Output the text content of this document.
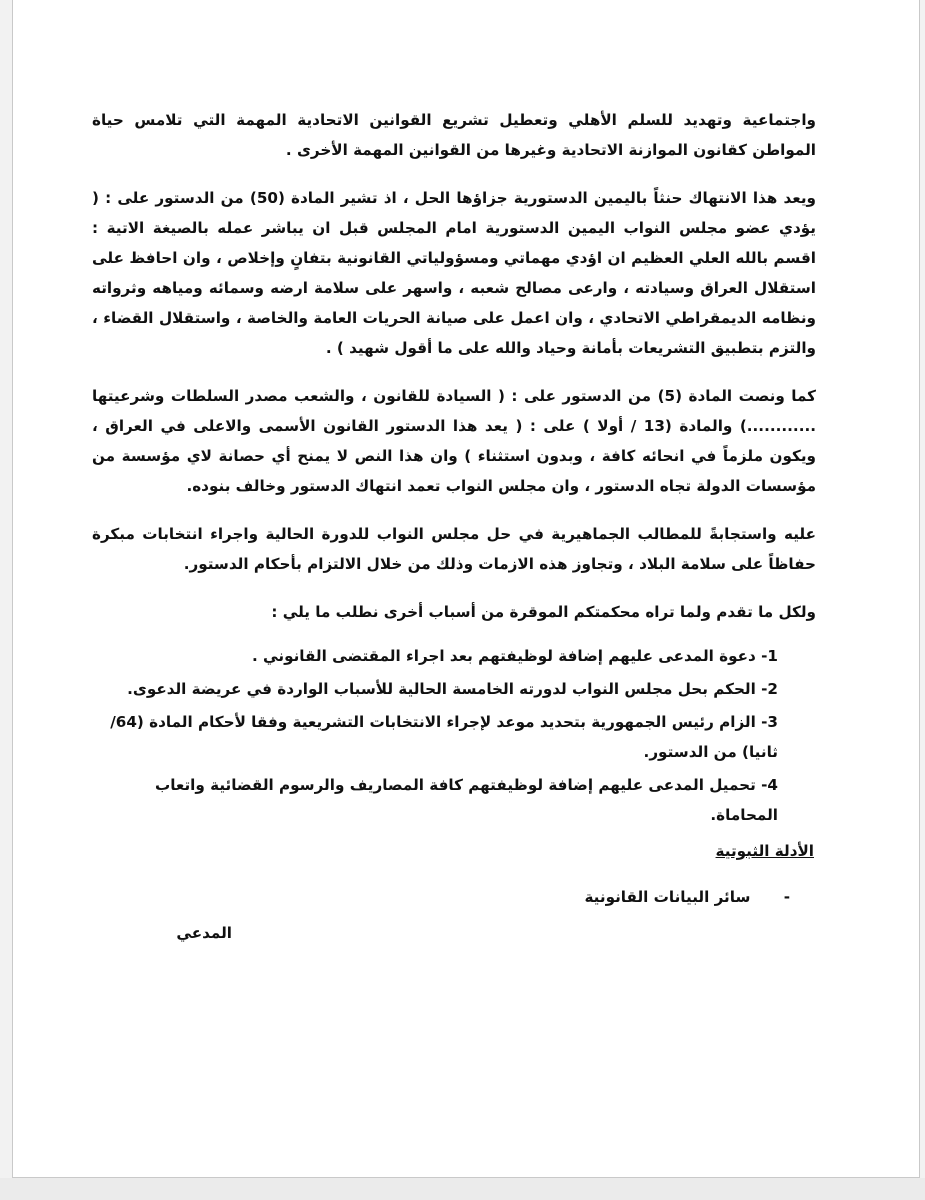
واجتماعية وتهديد للسلم الأهلي وتعطيل تشريع القوانين الاتحادية المهمة التي تلامس حياة المواطن كقانون الموازنة الاتحادية وغيرها من القوانين المهمة الأخرى .

ويعد هذا الانتهاك حنثاً باليمين الدستورية جزاؤها الحل ، اذ تشير المادة (50) من الدستور على : ( يؤدي عضو مجلس النواب اليمين الدستورية امام المجلس قبل ان يباشر عمله بالصيغة الاتية : اقسم بالله العلي العظيم ان اؤدي مهماتي ومسؤولياتي القانونية بتفانٍ وإخلاص ، وان احافظ على استقلال العراق وسيادته ، وارعى مصالح شعبه ، واسهر على سلامة ارضه وسمائه ومياهه وثرواته ونظامه الديمقراطي الاتحادي ، وان اعمل على صيانة الحريات العامة والخاصة ، واستقلال القضاء ، والتزم بتطبيق التشريعات بأمانة وحياد والله على ما أقول شهيد ) .

كما ونصت المادة (5) من الدستور على : ( السيادة للقانون ، والشعب مصدر السلطات وشرعيتها ............) والمادة (13 / أولا ) على : ( يعد هذا الدستور القانون الأسمى والاعلى في العراق ، ويكون ملزماً في انحائه كافة ، وبدون استثناء ) وان هذا النص لا يمنح أي حصانة لاي مؤسسة من مؤسسات الدولة تجاه الدستور ، وان مجلس النواب تعمد انتهاك الدستور وخالف بنوده.

عليه واستجابةً للمطالب الجماهيرية في حل مجلس النواب للدورة الحالية واجراء انتخابات مبكرة حفاظاً على سلامة البلاد ، وتجاوز هذه الازمات وذلك من خلال الالتزام بأحكام الدستور.

ولكل ما تقدم ولما تراه محكمتكم الموقرة من أسباب أخرى نطلب ما يلي :

1- دعوة المدعى عليهم إضافة لوظيفتهم بعد اجراء المقتضى القانوني .
2- الحكم بحل مجلس النواب لدورته الخامسة الحالية للأسباب الواردة في عريضة الدعوى.
3- الزام رئيس الجمهورية بتحديد موعد لإجراء الانتخابات التشريعية وفقا لأحكام المادة (64/ ثانيا) من الدستور.
4- تحميل المدعى عليهم إضافة لوظيفتهم كافة المصاريف والرسوم القضائية واتعاب المحاماة.
الأدلة الثبوتية
- سائر البيانات القانونية
المدعي
